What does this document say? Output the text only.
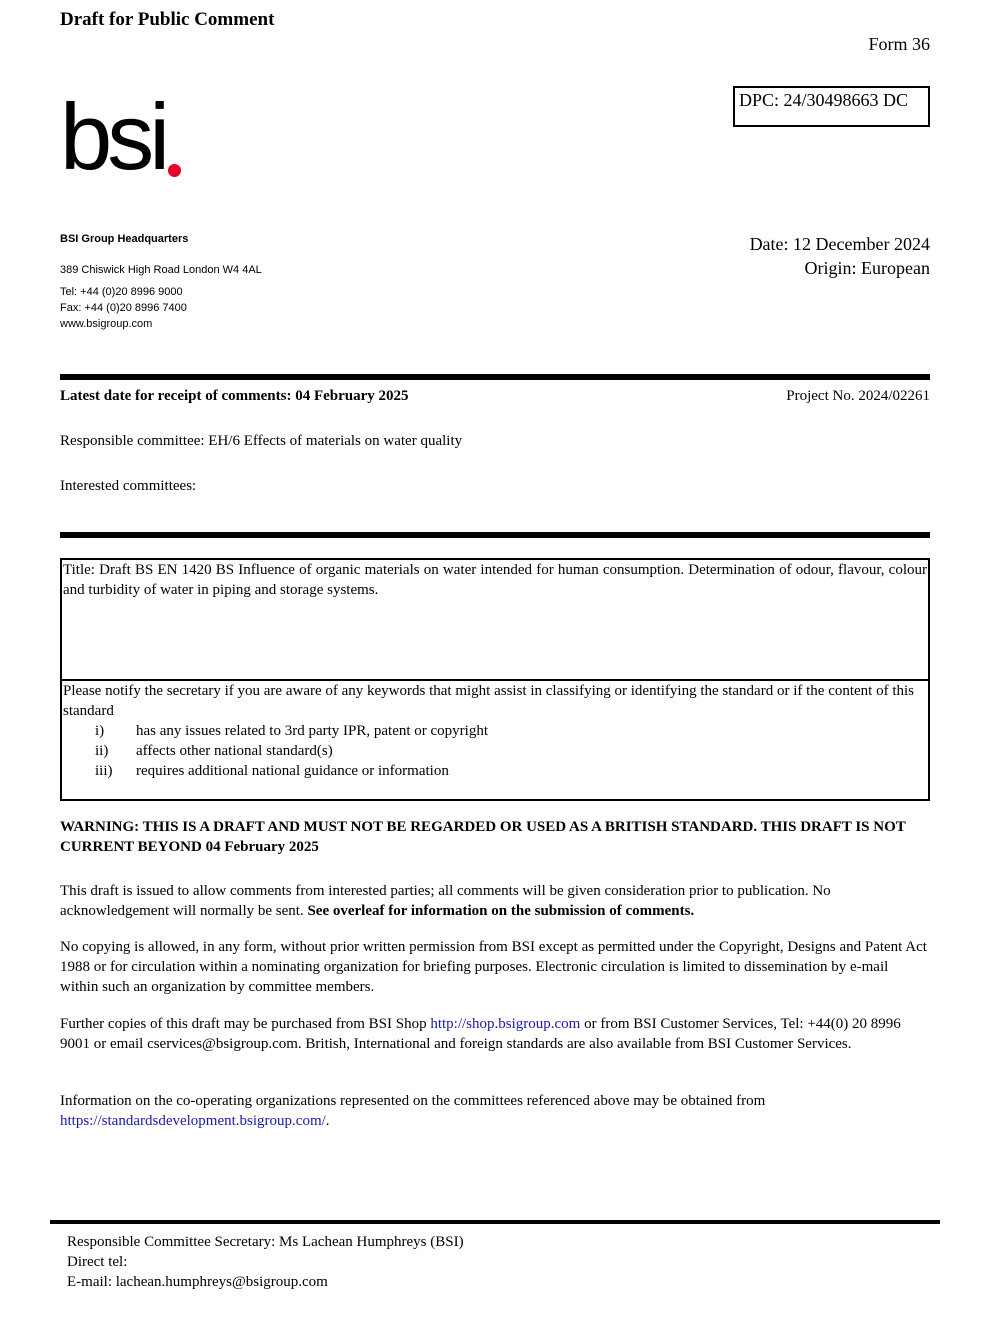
Draft for Public Comment
Form 36
DPC: 24/30498663 DC
bsi
BSI Group Headquarters
389 Chiswick High Road London W4 4AL
Tel: +44 (0)20 8996 9000
Fax: +44 (0)20 8996 7400
www.bsigroup.com
Date: 12 December 2024
Origin: European
Latest date for receipt of comments: 04 February 2025	Project No. 2024/02261
Responsible committee: EH/6 Effects of materials on water quality
Interested committees:
Title: Draft BS EN 1420 BS Influence of organic materials on water intended for human consumption. Determination of odour, flavour, colour and turbidity of water in piping and storage systems.
Please notify the secretary if you are aware of any keywords that might assist in classifying or identifying the standard or if the content of this standard
i)	has any issues related to 3rd party IPR, patent or copyright
ii)	affects other national standard(s)
iii)	requires additional national guidance or information
WARNING: THIS IS A DRAFT AND MUST NOT BE REGARDED OR USED AS A BRITISH STANDARD. THIS DRAFT IS NOT CURRENT BEYOND 04 February 2025
This draft is issued to allow comments from interested parties; all comments will be given consideration prior to publication. No acknowledgement will normally be sent. See overleaf for information on the submission of comments.
No copying is allowed, in any form, without prior written permission from BSI except as permitted under the Copyright, Designs and Patent Act 1988 or for circulation within a nominating organization for briefing purposes. Electronic circulation is limited to dissemination by e-mail within such an organization by committee members.
Further copies of this draft may be purchased from BSI Shop http://shop.bsigroup.com or from BSI Customer Services, Tel: +44(0) 20 8996 9001 or email cservices@bsigroup.com. British, International and foreign standards are also available from BSI Customer Services.
Information on the co-operating organizations represented on the committees referenced above may be obtained from https://standardsdevelopment.bsigroup.com/.
Responsible Committee Secretary: Ms Lachean Humphreys (BSI)
Direct tel:
E-mail: lachean.humphreys@bsigroup.com
